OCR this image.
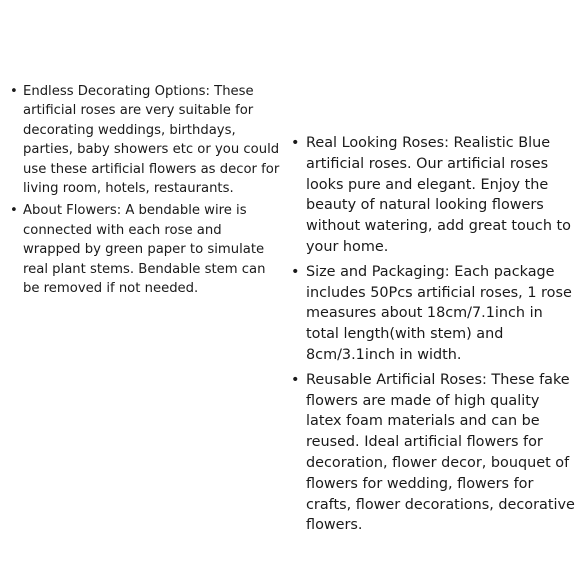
• Endless Decorating Options: These artificial roses are very suitable for decorating weddings, birthdays, parties, baby showers etc or you could use these artificial flowers as decor for living room, hotels, restaurants.
• About Flowers: A bendable wire is connected with each rose and wrapped by green paper to simulate real plant stems. Bendable stem can be removed if not needed.
• Real Looking Roses: Realistic Blue artificial roses. Our artificial roses looks pure and elegant. Enjoy the beauty of natural looking flowers without watering, add great touch to your home.
• Size and Packaging: Each package includes 50Pcs artificial roses, 1 rose measures about 18cm/7.1inch in total length(with stem) and 8cm/3.1inch in width.
• Reusable Artificial Roses: These fake flowers are made of high quality latex foam materials and can be reused. Ideal artificial flowers for decoration, flower decor, bouquet of flowers for wedding, flowers for crafts, flower decorations, decorative flowers.
